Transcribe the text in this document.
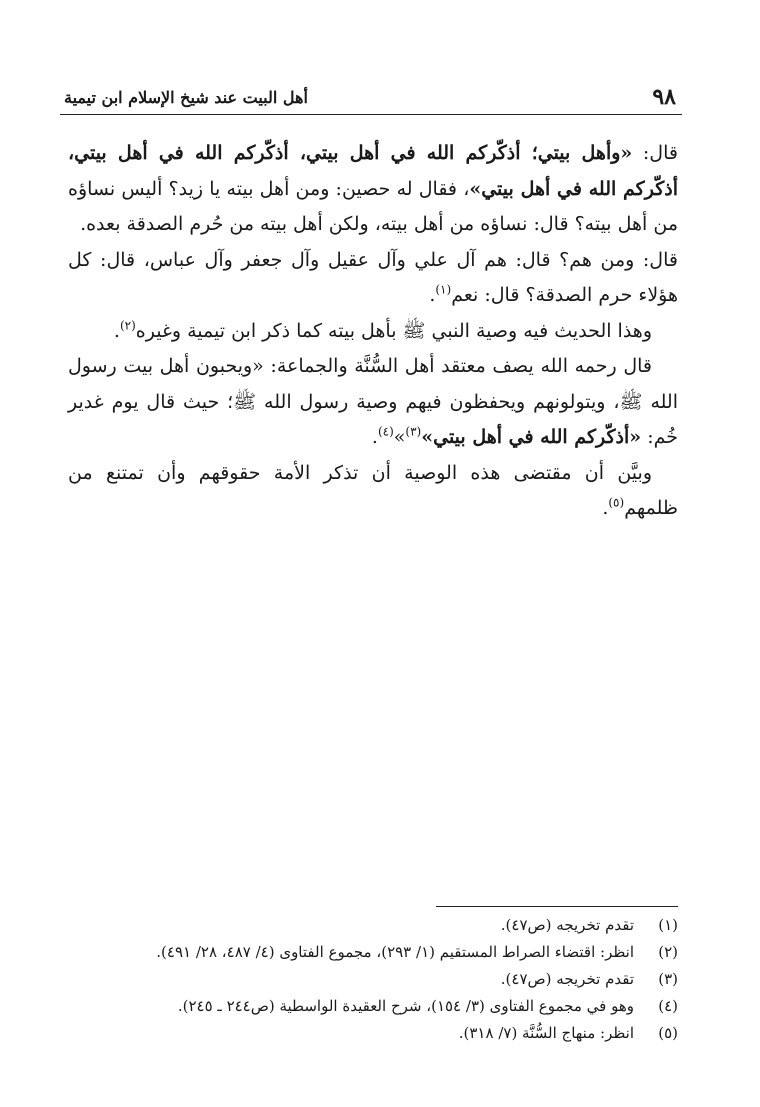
٩٨
أهل البيت عند شيخ الإسلام ابن تيمية

قال: «وأهل بيتي؛ أذكّركم الله في أهل بيتي، أذكّركم الله في أهل بيتي، أذكّركم الله في أهل بيتي»، فقال له حصين: ومن أهل بيته يا زيد؟ أليس نساؤه من أهل بيته؟ قال: نساؤه من أهل بيته، ولكن أهل بيته من حُرم الصدقة بعده.

قال: ومن هم؟ قال: هم آل علي وآل عقيل وآل جعفر وآل عباس، قال: كل هؤلاء حرم الصدقة؟ قال: نعم$^{(١)}$.

وهذا الحديث فيه وصية النبي ﷺ بأهل بيته كما ذكر ابن تيمية وغيره$^{(٢)}$.

قال رحمه الله يصف معتقد أهل السُّنَّة والجماعة: «ويحبون أهل بيت رسول الله ﷺ، ويتولونهم ويحفظون فيهم وصية رسول الله ﷺ؛ حيث قال يوم غدير خُم: «أذكّركم الله في أهل بيتي»$^{(٣)}$»$^{(٤)}$.

وبيَّن أن مقتضى هذه الوصية أن تذكر الأمة حقوقهم وأن تمتنع من ظلمهم$^{(٥)}$.

(١)
تقدم تخريجه (ص٤٧).
(٢)
انظر: اقتضاء الصراط المستقيم (١/ ٢٩٣)، مجموع الفتاوى (٤/ ٤٨٧، ٢٨/ ٤٩١).
(٣)
تقدم تخريجه (ص٤٧).
(٤)
وهو في مجموع الفتاوى (٣/ ١٥٤)، شرح العقيدة الواسطية (ص٢٤٤ ـ ٢٤٥).
(٥)
انظر: منهاج السُّنَّة (٧/ ٣١٨).
